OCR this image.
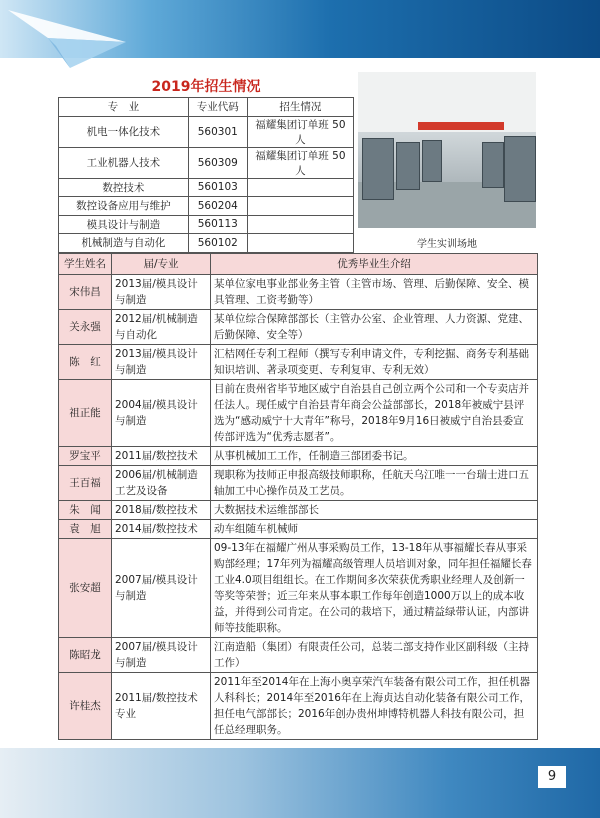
2019年招生情况
专　业	专业代码	招生情况
机电一体化技术	560301	福耀集团订单班 50 人
工业机器人技术	560309	福耀集团订单班 50 人
数控技术	560103	
数控设备应用与维护	560204	
模具设计与制造	560113	
机械制造与自动化	560102		学生实训场地
学生姓名	届/专业	优秀毕业生介绍
宋伟昌	2013届/模具设计与制造	某单位家电事业部业务主管（主管市场、管理、后勤保障、安全、模具管理、工资考勤等）
关永强	2012届/机械制造与自动化	某单位综合保障部部长（主管办公室、企业管理、人力资源、党建、后勤保障、安全等）
陈　红	2013届/模具设计与制造	汇桔网任专利工程师（撰写专利申请文件，专利挖掘、商务专利基础知识培训、著录项变更、专利复审、专利无效）
祖正能	2004届/模具设计与制造	目前在贵州省毕节地区威宁自治县自己创立两个公司和一个专卖店并任法人。现任威宁自治县青年商会公益部部长，2018年被威宁县评选为“感动威宁十大青年”称号，2018年9月16日被威宁自治县委宣传部评选为“优秀志愿者”。
罗宝平	2011届/数控技术	从事机械加工工作，任制造三部团委书记。
王百福	2006届/机械制造工艺及设备	现职称为技师正申报高级技师职称，任航天乌江唯一一台瑞士进口五轴加工中心操作员及工艺员。
朱　闻	2018届/数控技术	大数据技术运维部部长
袁　旭	2014届/数控技术	动车组随车机械师
张安超	2007届/模具设计与制造	09-13年在福耀广州从事采购员工作，13-18年从事福耀长春从事采购部经理；17年列为福耀高级管理人员培训对象，同年担任福耀长春工业4.0项目组组长。在工作期间多次荣获优秀职业经理人及创新一等奖等荣誉；近三年来从事本职工作每年创造1000万以上的成本收益，并得到公司肯定。在公司的栽培下，通过精益绿带认证，内部讲师等技能职称。
陈昭龙	2007届/模具设计与制造	江南造船（集团）有限责任公司，总装二部支持作业区副科级（主持工作）
许桂杰	2011届/数控技术专业	2011年至2014年在上海小奥享荣汽车装备有限公司工作，担任机器人科科长；2014年至2016年在上海贞达自动化装备有限公司工作，担任电气部部长；2016年创办贵州坤博特机器人科技有限公司，担任总经理职务。
9
